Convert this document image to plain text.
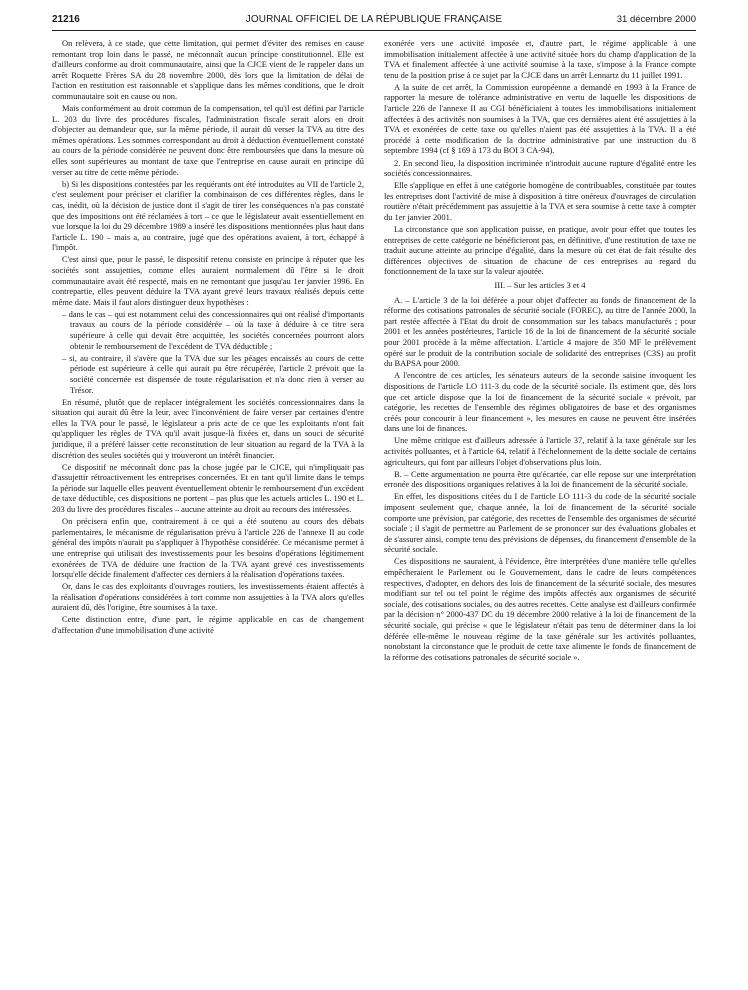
21216	JOURNAL OFFICIEL DE LA RÉPUBLIQUE FRANÇAISE	31 décembre 2000

On relèvera, à ce stade, que cette limitation, qui permet d'éviter des remises en cause remontant trop loin dans le passé, ne méconnaît aucun principe constitutionnel. Elle est d'ailleurs conforme au droit communautaire, ainsi que la CJCE vient de le rappeler dans un arrêt Roquette Frères SA du 28 novembre 2000, dès lors que la limitation de délai de l'action en restitution est raisonnable et s'applique dans les mêmes conditions, que le droit communautaire soit en cause ou non.

Mais conformément au droit commun de la compensation, tel qu'il est défini par l'article L. 203 du livre des procédures fiscales, l'administration fiscale serait alors en droit d'objecter au demandeur que, sur la même période, il aurait dû verser la TVA au titre des mêmes opérations. Les sommes correspondant au droit à déduction éventuellement constaté au cours de la période considérée ne peuvent donc être remboursées que dans la mesure où elles sont supérieures au montant de taxe que l'entreprise en cause aurait en principe dû verser au titre de cette même période.

b) Si les dispositions contestées par les requérants ont été introduites au VII de l'article 2, c'est seulement pour préciser et clarifier la combinaison de ces différentes règles, dans le cas, inédit, où la décision de justice dont il s'agit de tirer les conséquences n'a pas constaté que des impositions ont été réclamées à tort – ce que le législateur avait essentiellement en vue lorsque la loi du 29 décembre 1989 a inséré les dispositions mentionnées plus haut dans l'article L. 190 – mais a, au contraire, jugé que des opérations avaient, à tort, échappé à l'impôt.

C'est ainsi que, pour le passé, le dispositif retenu consiste en principe à réputer que les sociétés sont assujetties, comme elles auraient normalement dû l'être si le droit communautaire avait été respecté, mais en ne remontant que jusqu'au 1er janvier 1996. En contrepartie, elles peuvent déduire la TVA ayant grevé leurs travaux réalisés depuis cette même date. Mais il faut alors distinguer deux hypothèses :

– dans le cas – qui est notamment celui des concessionnaires qui ont réalisé d'importants travaux au cours de la période considérée – où la taxe à déduire à ce titre sera supérieure à celle qui devait être acquittée, les sociétés concernées pourront alors obtenir le remboursement de l'excédent de TVA déductible ;

– si, au contraire, il s'avère que la TVA due sur les péages encaissés au cours de cette période est supérieure à celle qui aurait pu être récupérée, l'article 2 prévoit que la société concernée est dispensée de toute régularisation et n'a donc rien à verser au Trésor.

En résumé, plutôt que de replacer intégralement les sociétés concessionnaires dans la situation qui aurait dû être la leur, avec l'inconvénient de faire verser par certaines d'entre elles la TVA pour le passé, le législateur a pris acte de ce que les exploitants n'ont fait qu'appliquer les règles de TVA qu'il avait jusque-là fixées et, dans un souci de sécurité juridique, il a préféré laisser cette reconstitution de leur situation au regard de la TVA à la discrétion des seules sociétés qui y trouveront un intérêt financier.

Ce dispositif ne méconnaît donc pas la chose jugée par le CJCE, qui n'impliquait pas d'assujettir rétroactivement les entreprises concernées. Et en tant qu'il limite dans le temps la période sur laquelle elles peuvent éventuellement obtenir le remboursement d'un excédent de taxe déductible, ces dispositions ne portent – pas plus que les actuels articles L. 190 et L. 203 du livre des procédures fiscales – aucune atteinte au droit au recours des intéressées.

On précisera enfin que, contrairement à ce qui a été soutenu au cours des débats parlementaires, le mécanisme de régularisation prévu à l'article 226 de l'annexe II au code général des impôts n'aurait pu s'appliquer à l'hypothèse considérée. Ce mécanisme permet à une entreprise qui utilisait des investissements pour les besoins d'opérations légitimement exonérées de TVA de déduire une fraction de la TVA ayant grevé ces investissements lorsqu'elle décide finalement d'affecter ces derniers à la réalisation d'opérations taxées.

Or, dans le cas des exploitants d'ouvrages routiers, les investissements étaient affectés à la réalisation d'opérations considérées à tort comme non assujetties à la TVA alors qu'elles auraient dû, dès l'origine, être soumises à la taxe.

Cette distinction entre, d'une part, le régime applicable en cas de changement d'affectation d'une immobilisation d'une activité

exonérée vers une activité imposée et, d'autre part, le régime applicable à une immobilisation initialement affectée à une activité située hors du champ d'application de la TVA et finalement affectée à une activité soumise à la taxe, s'impose à la France compte tenu de la position prise à ce sujet par la CJCE dans un arrêt Lennartz du 11 juillet 1991.

A la suite de cet arrêt, la Commission européenne a demandé en 1993 à la France de rapporter la mesure de tolérance administrative en vertu de laquelle les dispositions de l'article 226 de l'annexe II au CGI bénéficiaient à toutes les immobilisations initialement affectées à des activités non soumises à la TVA, que ces dernières aient été assujetties à la TVA et exonérées de cette taxe ou qu'elles n'aient pas été assujetties à la TVA. Il a été procédé à cette modification de la doctrine administrative par une instruction du 8 septembre 1994 (cf § 169 à 173 du BOI 3 CA-94).

2. En second lieu, la disposition incriminée n'introduit aucune rupture d'égalité entre les sociétés concessionnaires.

Elle s'applique en effet à une catégorie homogène de contribuables, constituée par toutes les entreprises dont l'activité de mise à disposition à titre onéreux d'ouvrages de circulation routière n'était précédemment pas assujettie à la TVA et sera soumise à cette taxe à compter du 1er janvier 2001.

La circonstance que son application puisse, en pratique, avoir pour effet que toutes les entreprises de cette catégorie ne bénéficieront pas, en définitive, d'une restitution de taxe ne traduit aucune atteinte au principe d'égalité, dans la mesure où cet état de fait résulte des différences objectives de situation de chacune de ces entreprises au regard du fonctionnement de la taxe sur la valeur ajoutée.

III. – Sur les articles 3 et 4

A. – L'article 3 de la loi déférée a pour objet d'affecter au fonds de financement de la réforme des cotisations patronales de sécurité sociale (FOREC), au titre de l'année 2000, la part restée affectée à l'Etat du droit de consommation sur les tabacs manufacturés ; pour 2001 et les années postérieures, l'article 16 de la loi de financement de la sécurité sociale pour 2001 procède à la même affectation. L'article 4 majore de 350 MF le prélèvement opéré sur le produit de la contribution sociale de solidarité des entreprises (C3S) au profit du BAPSA pour 2000.

A l'encontre de ces articles, les sénateurs auteurs de la seconde saisine invoquent les dispositions de l'article LO 111-3 du code de la sécurité sociale. Ils estiment que, dès lors que cet article dispose que la loi de financement de la sécurité sociale « prévoit, par catégorie, les recettes de l'ensemble des régimes obligatoires de base et des organismes créés pour concourir à leur financement », les mesures en cause ne peuvent être insérées dans une loi de finances.

Une même critique est d'ailleurs adressée à l'article 37, relatif à la taxe générale sur les activités polluantes, et à l'article 64, relatif à l'échelonnement de la dette sociale de certains agriculteurs, qui font par ailleurs l'objet d'observations plus loin.

B. – Cette argumentation ne pourra être qu'écartée, car elle repose sur une interprétation erronée des dispositions organiques relatives à la loi de financement de la sécurité sociale.

En effet, les dispositions citées du I de l'article LO 111-3 du code de la sécurité sociale imposent seulement que, chaque année, la loi de financement de la sécurité sociale comporte une prévision, par catégorie, des recettes de l'ensemble des organismes de sécurité sociale ; il s'agit de permettre au Parlement de se prononcer sur des évaluations globales et de s'assurer ainsi, compte tenu des prévisions de dépenses, du financement d'ensemble de la sécurité sociale.

Ces dispositions ne sauraient, à l'évidence, être interprétées d'une manière telle qu'elles empêcheraient le Parlement ou le Gouvernement, dans le cadre de leurs compétences respectives, d'adopter, en dehors des lois de financement de la sécurité sociale, des mesures modifiant sur tel ou tel point le régime des impôts affectés aux organismes de sécurité sociale, des cotisations sociales, ou des autres recettes. Cette analyse est d'ailleurs confirmée par la décision n° 2000-437 DC du 19 décembre 2000 relative à la loi de financement de la sécurité sociale, qui précise « que le législateur n'était pas tenu de déterminer dans la loi déférée elle-même le nouveau régime de la taxe générale sur les activités polluantes, nonobstant la circonstance que le produit de cette taxe alimente le fonds de financement de la réforme des cotisations patronales de sécurité sociale ».
